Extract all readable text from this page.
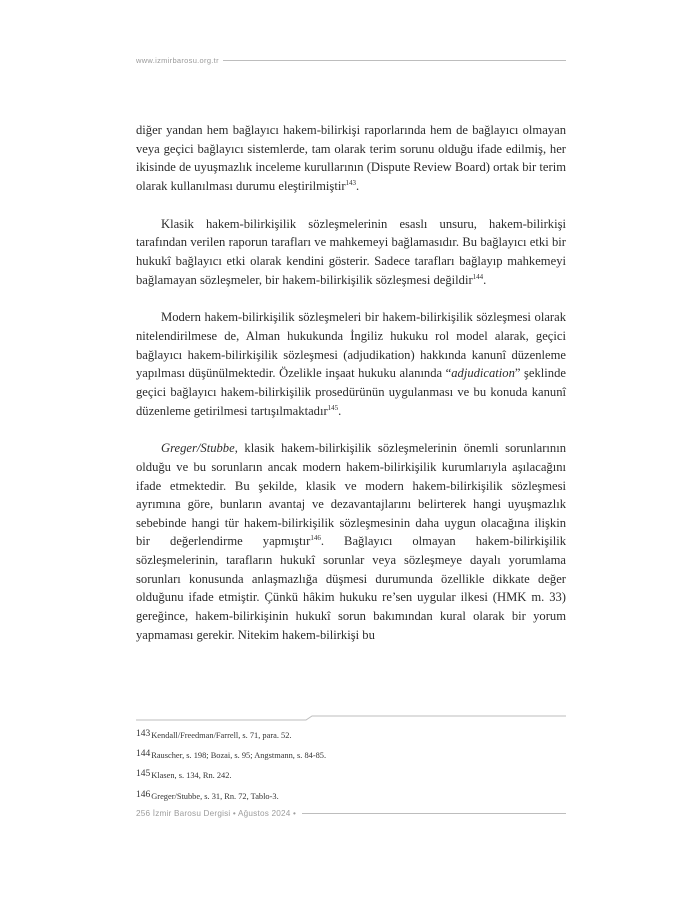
www.izmirbarosu.org.tr

diğer yandan hem bağlayıcı hakem-bilirkişi raporlarında hem de bağlayıcı olmayan veya geçici bağlayıcı sistemlerde, tam olarak terim sorunu olduğu ifade edilmiş, her ikisinde de uyuşmazlık inceleme kurullarının (Dispute Review Board) ortak bir terim olarak kullanılması durumu eleştirilmiştir$^{143}$.

Klasik hakem-bilirkişilik sözleşmelerinin esaslı unsuru, hakem-bilirkişi tarafından verilen raporun tarafları ve mahkemeyi bağlamasıdır. Bu bağlayıcı etki bir hukukî bağlayıcı etki olarak kendini gösterir. Sadece tarafları bağlayıp mahkemeyi bağlamayan sözleşmeler, bir hakem-bilirkişilik sözleşmesi değildir$^{144}$.

Modern hakem-bilirkişilik sözleşmeleri bir hakem-bilirkişilik sözleşmesi olarak nitelendirilmese de, Alman hukukunda İngiliz hukuku rol model alarak, geçici bağlayıcı hakem-bilirkişilik sözleşmesi (adjudikation) hakkında kanunî düzenleme yapılması düşünülmektedir. Özelikle inşaat hukuku alanında “adjudication” şeklinde geçici bağlayıcı hakem-bilirkişilik prosedürünün uygulanması ve bu konuda kanunî düzenleme getirilmesi tartışılmaktadır$^{145}$.

Greger/Stubbe, klasik hakem-bilirkişilik sözleşmelerinin önemli sorunlarının olduğu ve bu sorunların ancak modern hakem-bilirkişilik kurumlarıyla aşılacağını ifade etmektedir. Bu şekilde, klasik ve modern hakem-bilirkişilik sözleşmesi ayrımına göre, bunların avantaj ve dezavantajlarını belirterek hangi uyuşmazlık sebebinde hangi tür hakem-bilirkişilik sözleşmesinin daha uygun olacağına ilişkin bir değerlendirme yapmıştır$^{146}$. Bağlayıcı olmayan hakem-bilirkişilik sözleşmelerinin, tarafların hukukî sorunlar veya sözleşmeye dayalı yorumlama sorunları konusunda anlaşmazlığa düşmesi durumunda özellikle dikkate değer olduğunu ifade etmiştir. Çünkü hâkim hukuku re’sen uygular ilkesi (HMK m. 33) gereğince, hakem-bilirkişinin hukukî sorun bakımından kural olarak bir yorum yapmaması gerekir. Nitekim hakem-bilirkişi bu

143Kendall/Freedman/Farrell, s. 71, para. 52.
144Rauscher, s. 198; Bozai, s. 95; Angstmann, s. 84-85.
145Klasen, s. 134, Rn. 242.
146Greger/Stubbe, s. 31, Rn. 72, Tablo-3.
256 İzmir Barosu Dergisi • Ağustos 2024 •
